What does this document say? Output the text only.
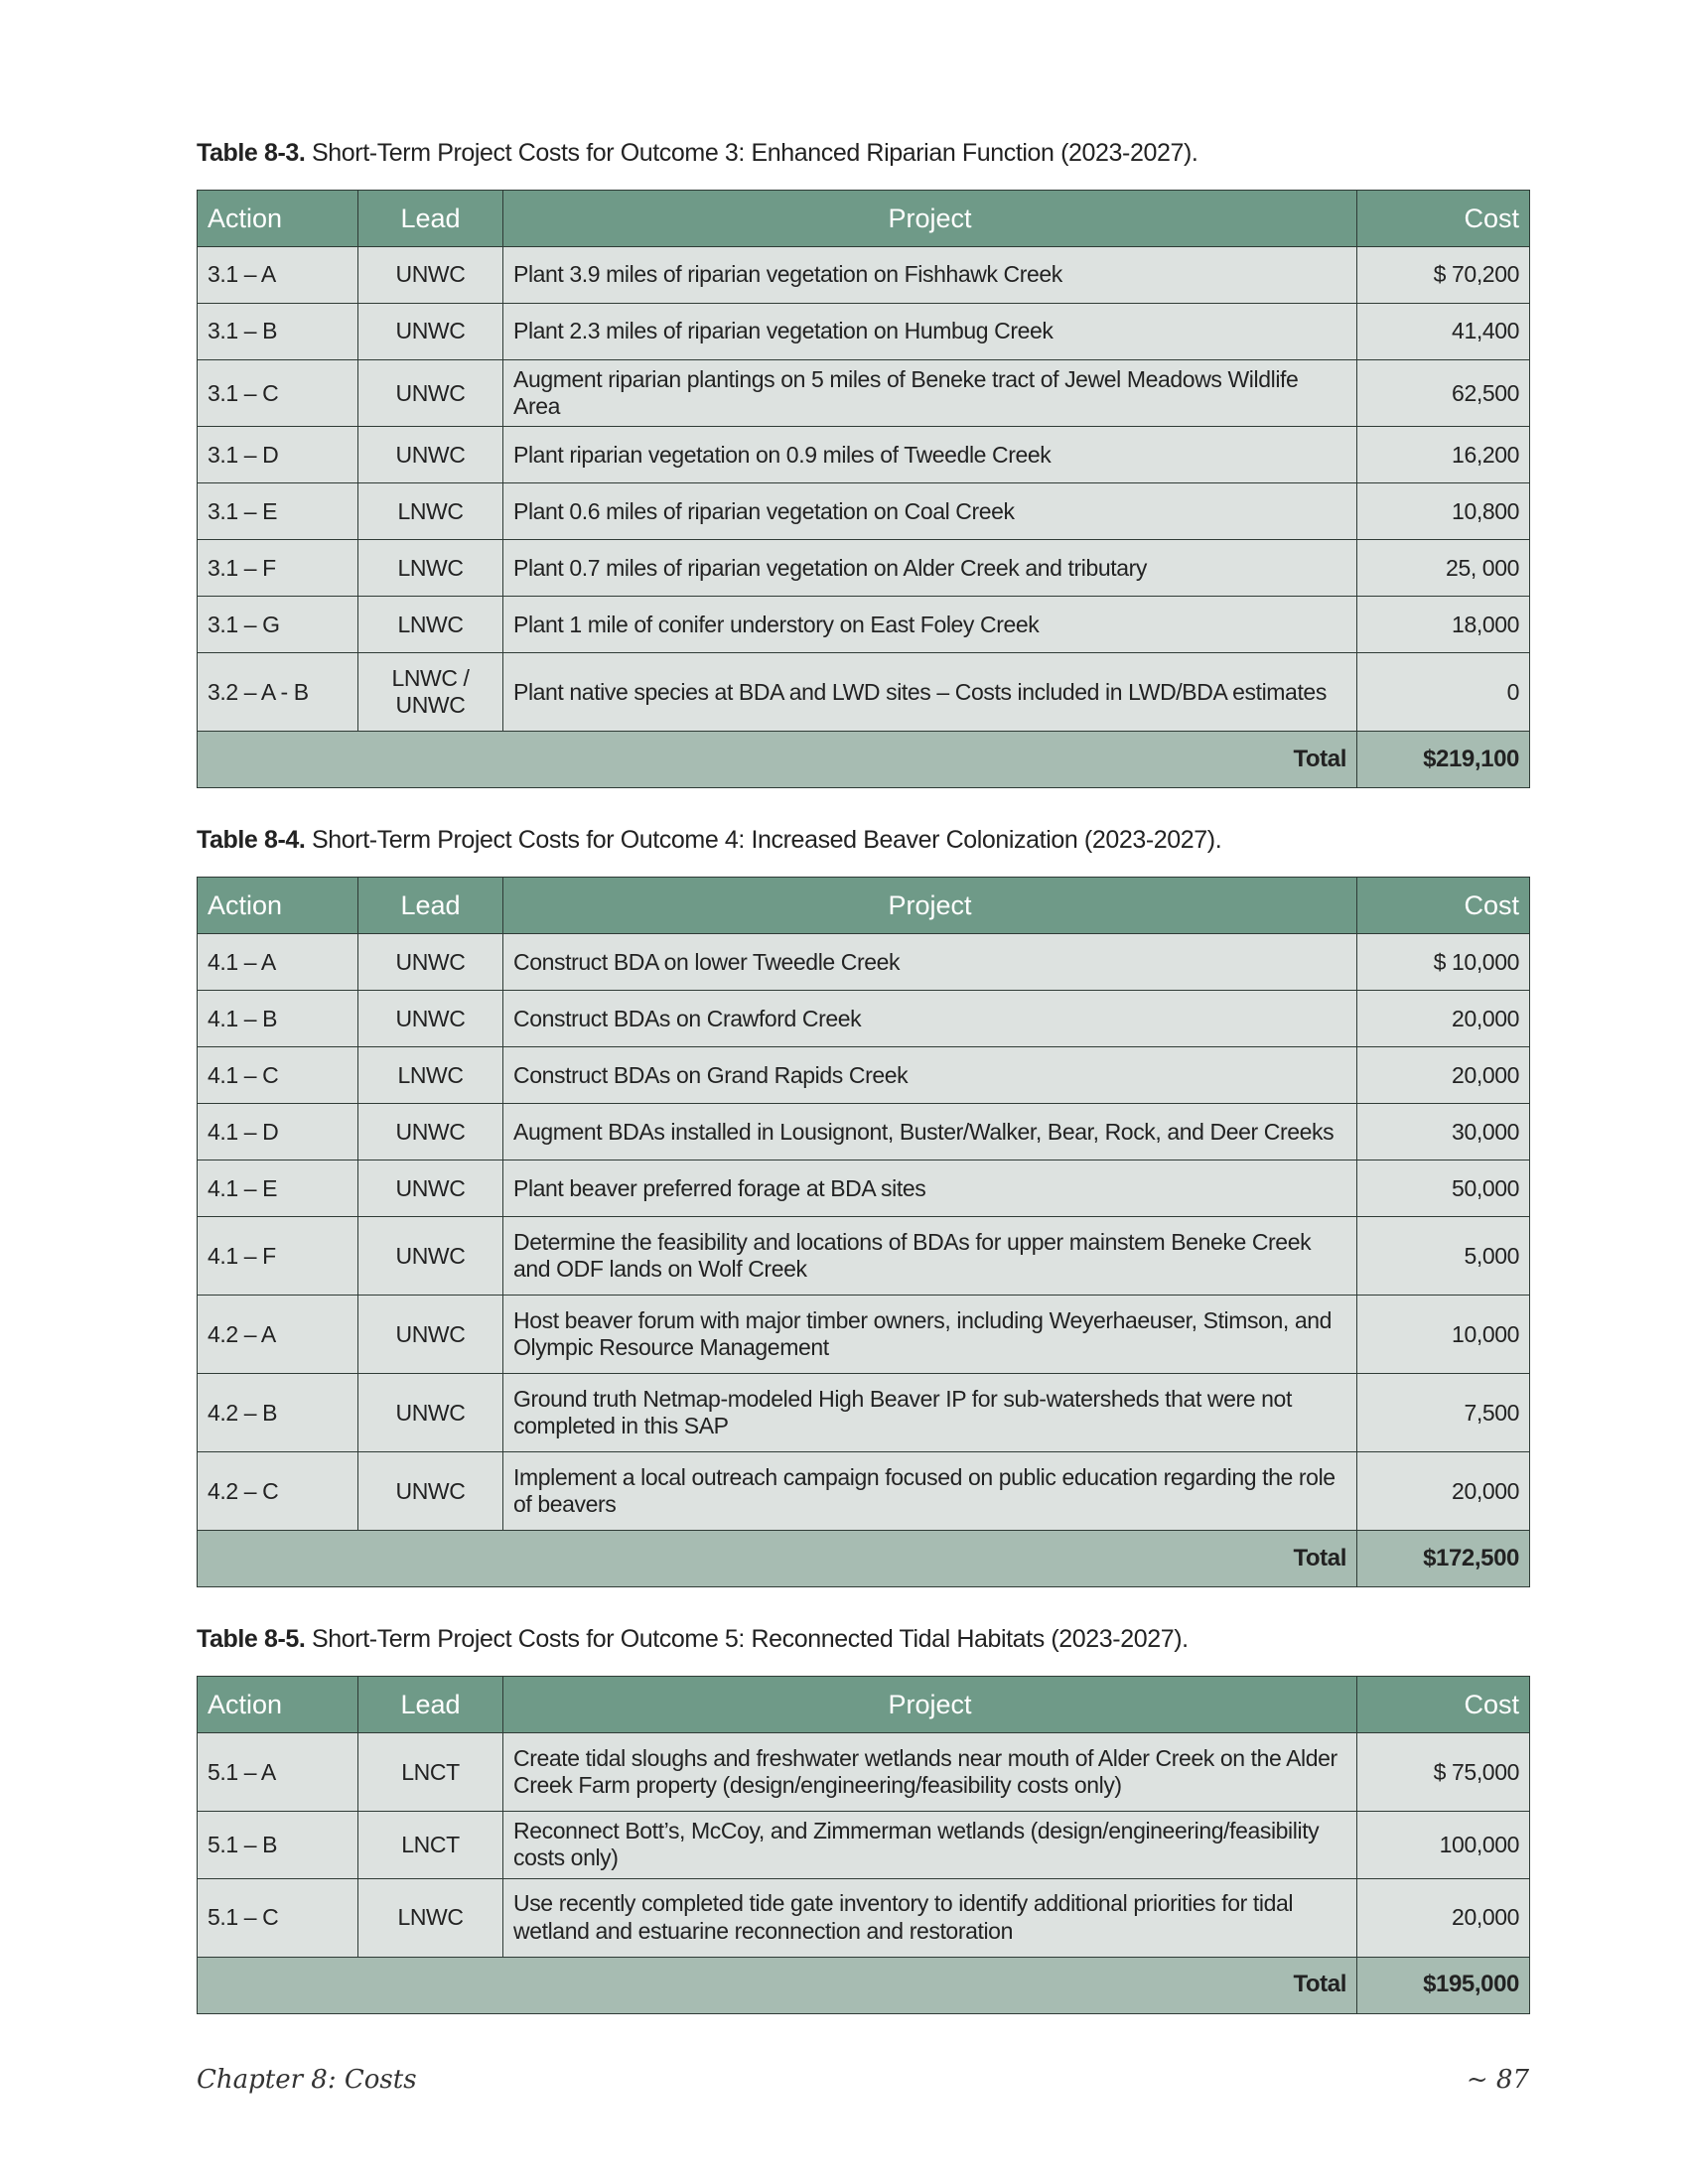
Table 8-3. Short-Term Project Costs for Outcome 3: Enhanced Riparian Function (2023-2027).
Action	Lead	Project	Cost
3.1 – A	UNWC	Plant 3.9 miles of riparian vegetation on Fishhawk Creek	$ 70,200
3.1 – B	UNWC	Plant 2.3 miles of riparian vegetation on Humbug Creek	41,400
3.1 – C	UNWC	Augment riparian plantings on 5 miles of Beneke tract of Jewel Meadows Wildlife Area	62,500
3.1 – D	UNWC	Plant riparian vegetation on 0.9 miles of Tweedle Creek	16,200
3.1 – E	LNWC	Plant 0.6 miles of riparian vegetation on Coal Creek	10,800
3.1 – F	LNWC	Plant 0.7 miles of riparian vegetation on Alder Creek and tributary	25, 000
3.1 – G	LNWC	Plant 1 mile of conifer understory on East Foley Creek	18,000
3.2 – A - B	LNWC / UNWC	Plant native species at BDA and LWD sites – Costs included in LWD/BDA estimates	0
Total			$219,100
Table 8-4. Short-Term Project Costs for Outcome 4: Increased Beaver Colonization (2023-2027).
Action	Lead	Project	Cost
4.1 – A	UNWC	Construct BDA on lower Tweedle Creek	$ 10,000
4.1 – B	UNWC	Construct BDAs on Crawford Creek	20,000
4.1 – C	LNWC	Construct BDAs on Grand Rapids Creek	20,000
4.1 – D	UNWC	Augment BDAs installed in Lousignont, Buster/Walker, Bear, Rock, and Deer Creeks	30,000
4.1 – E	UNWC	Plant beaver preferred forage at BDA sites	50,000
4.1 – F	UNWC	Determine the feasibility and locations of BDAs for upper mainstem Beneke Creek and ODF lands on Wolf Creek	5,000
4.2 – A	UNWC	Host beaver forum with major timber owners, including Weyerhaeuser, Stimson, and Olympic Resource Management	10,000
4.2 – B	UNWC	Ground truth Netmap-modeled High Beaver IP for sub-watersheds that were not completed in this SAP	7,500
4.2 – C	UNWC	Implement a local outreach campaign focused on public education regarding the role of beavers	20,000
Total			$172,500
Table 8-5. Short-Term Project Costs for Outcome 5: Reconnected Tidal Habitats (2023-2027).
Action	Lead	Project	Cost
5.1 – A	LNCT	Create tidal sloughs and freshwater wetlands near mouth of Alder Creek on the Alder Creek Farm property (design/engineering/feasibility costs only)	$ 75,000
5.1 – B	LNCT	Reconnect Bott’s, McCoy, and Zimmerman wetlands (design/engineering/feasibility costs only)	100,000
5.1 – C	LNWC	Use recently completed tide gate inventory to identify additional priorities for tidal wetland and estuarine reconnection and restoration	20,000
Total			$195,000
Chapter 8: Costs	~ 87
